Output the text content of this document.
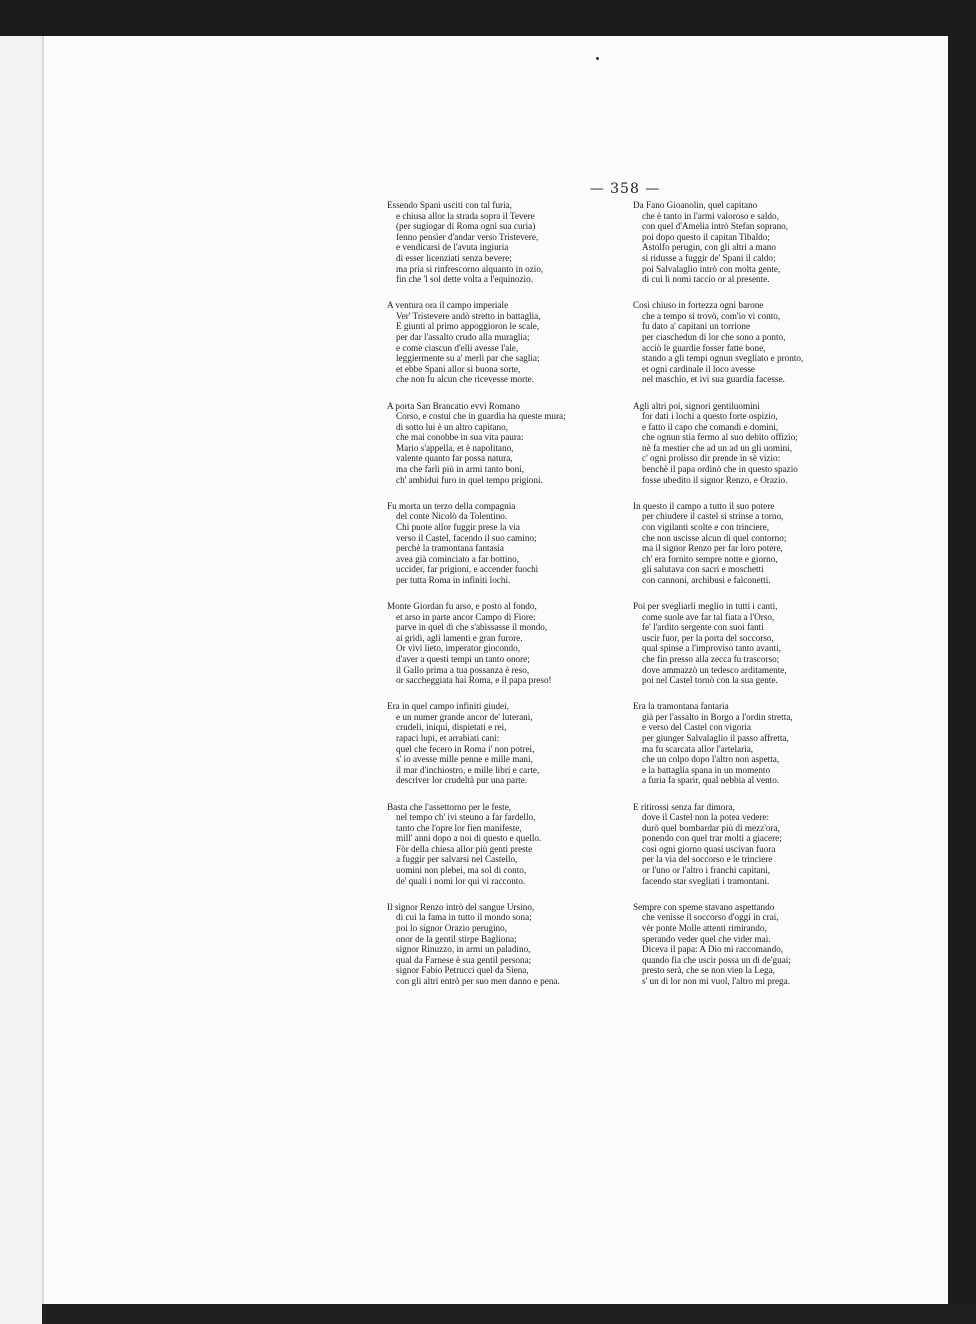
— 358 —
Essendo Spani usciti con tal furia,
e chiusa allor la strada sopra il Tevere
(per sugiogar di Roma ogni sua curia)
fenno pensier d'andar verso Tristevere,
e vendicarsi de l'avuta ingiuria
di esser licenziati senza bevere;
ma pria si rinfrescorno alquanto in ozio,
fin che 'l sol dette volta a l'equinozio.
A ventura ora il campo imperiale
Ver' Tristevere andò stretto in battaglia,
E giunti al primo appoggioron le scale,
per dar l'assalto crudo alla muraglia;
e come ciascun d'elli avesse l'ale,
leggiermente su a' merli par che saglia;
et ebbe Spani allor sì buona sorte,
che non fu alcun che ricevesse morte.
A porta San Brancatio evvi Romano
Corso, e costui che in guardia ha queste mura;
di sotto lui è un altro capitano,
che mai conobbe in sua vita paura:
Mario s'appella, et è napolitano,
valente quanto far possa natura,
ma che farli più in armi tanto boni,
ch' ambidui furo in quel tempo prigioni.
Fu morta un terzo della compagnia
del conte Nicolò da Tolentino.
Chi puote allor fuggir prese la via
verso il Castel, facendo il suo camino;
perchè la tramontana fantasia
avea già cominciato a far bottino,
uccider, far prigioni, e accender fuochi
per tutta Roma in infiniti lochi.
Monte Giordan fu arso, e posto al fondo,
et arso in parte ancor Campo di Fiore:
parve in quel dì che s'abissasse il mondo,
ai gridi, agli lamenti e gran furore.
Or vivi lieto, imperator giocondo,
d'aver a questi tempi un tanto onore;
il Gallo prima a tua possanza è reso,
or saccheggiata hai Roma, e il papa preso!
Era in quel campo infiniti giudei,
e un numer grande ancor de' luterani,
crudeli, iniqui, dispietati e rei,
rapaci lupi, et arrabiati cani:
quel che fecero in Roma i' non potrei,
s' io avesse mille penne e mille mani,
il mar d'inchiostro, e mille libri e carte,
descriver lor crudeltà pur una parte.
Basta che l'assettorno per le feste,
nel tempo ch' ivi steuno a far fardello,
tanto che l'opre lor fien manifeste,
mill' anni dopo a noi di questo e quello.
Fòr della chiesa allor più genti preste
a fuggir per salvarsi nel Castello,
uomini non plebei, ma sol di conto,
de' quali i nomi lor qui vi racconto.
Il signor Renzo intrò del sangue Ursino,
di cui la fama in tutto il mondo sona;
poi lo signor Orazio perugino,
onor de la gentil stirpe Baglionа;
signor Rinuzzo, in armi un paladino,
qual da Farnese è sua gentil persona;
signor Fabio Petrucci quel da Siena,
con gli altri entrò per suo men danno e pena.
Da Fano Gioanolin, quel capitano
che è tanto in l'armi valoroso e saldo,
con quel d'Amelia intrò Stefan soprano,
poi dopo questo il capitan Tibaldo;
Astolfo perugin, con gli altri a mano
si ridusse a fuggir de' Spani il caldo;
poi Salvalaglio intrò con molta gente,
di cui li nomi taccio or al presente.
Così chiuso in fortezza ogni barone
che a tempo si trovò, com'io vi conto,
fu dato a' capitani un torrione
per ciaschedun di lor che sono a ponto,
acciò le guardie fosser fatte bone,
stando a gli tempi ognun svegliato e pronto,
et ogni cardinale il loco avesse
nel maschio, et ivi sua guardia facesse.
Agli altri poi, signori gentiluomini
for dati i lochi a questo forte ospizio,
e fatto il capo che comandi e domini,
che ognun stia fermo al suo debito offizio;
nè fa mestier che ad un ad un gli uomini,
c' ogni prolisso dir prende in sè vizio:
benchè il papa ordinò che in questo spazio
fosse ubedito il signor Renzo, e Orazio.
In questo il campo a tutto il suo potere
per chiudere il castel si strinse a torno,
con vigilanti scolte e con trinciere,
che non uscisse alcun di quel contorno;
ma il signor Renzo per far loro potere,
ch' era fornito sempre notte e giorno,
gli salutava con sacri e moschetti
con cannoni, archibusi e falconetti.
Poi per svegliarli meglio in tutti i canti,
come suole ave far tal fiata a l'Orso,
fe' l'ardito sergente con suoi fanti
uscir fuor, per la porta del soccorso,
qual spinse a l'improviso tanto avanti,
che fin presso alla zecca fu trascorso;
dove ammazzò un tedesco arditamente,
poi nel Castel tornò con la sua gente.
Era la tramontana fantaria
già per l'assalto in Borgo a l'ordin stretta,
e verso del Castel con vigoria
per giunger Salvalaglio il passo affretta,
ma fu scarcata allor l'artelaria,
che un colpo dopo l'altro non aspetta,
e la battaglia spana in un momento
a furia fa sparir, qual nebbia al vento.
E ritirossi senza far dimora,
dove il Castel non la potea vedere:
durò quel bombardar più di mezz'ora,
ponendo con quel trar molti a giacere;
così ogni giorno quasi uscivan fuora
per la via del soccorso e le trinciere
or l'uno or l'altro i franchi capitani,
facendo star svegliati i tramontani.
Sempre con speme stavano aspettando
che venisse il soccorso d'oggi in crai,
vèr ponte Molle attenti rimirando,
sperando veder quel che vider mai.
Diceva il papa: A Dio mi raccomando,
quando fia che uscir possa un dì de'guai;
presto serà, che se non vien la Lega,
s' un di lor non mi vuol, l'altro mi prega.
